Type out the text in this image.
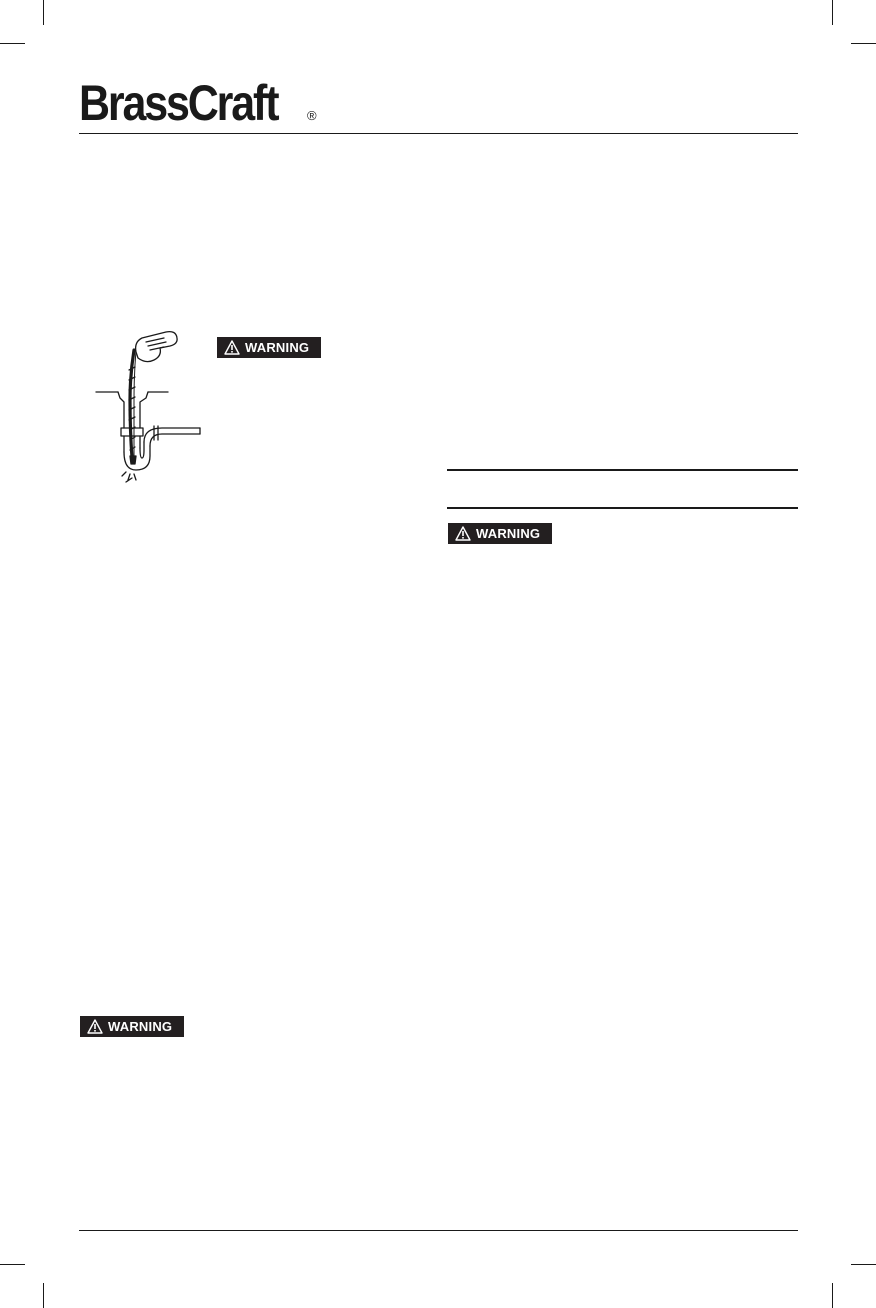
BrassCraft ®
WARNING
WARNING
WARNING
